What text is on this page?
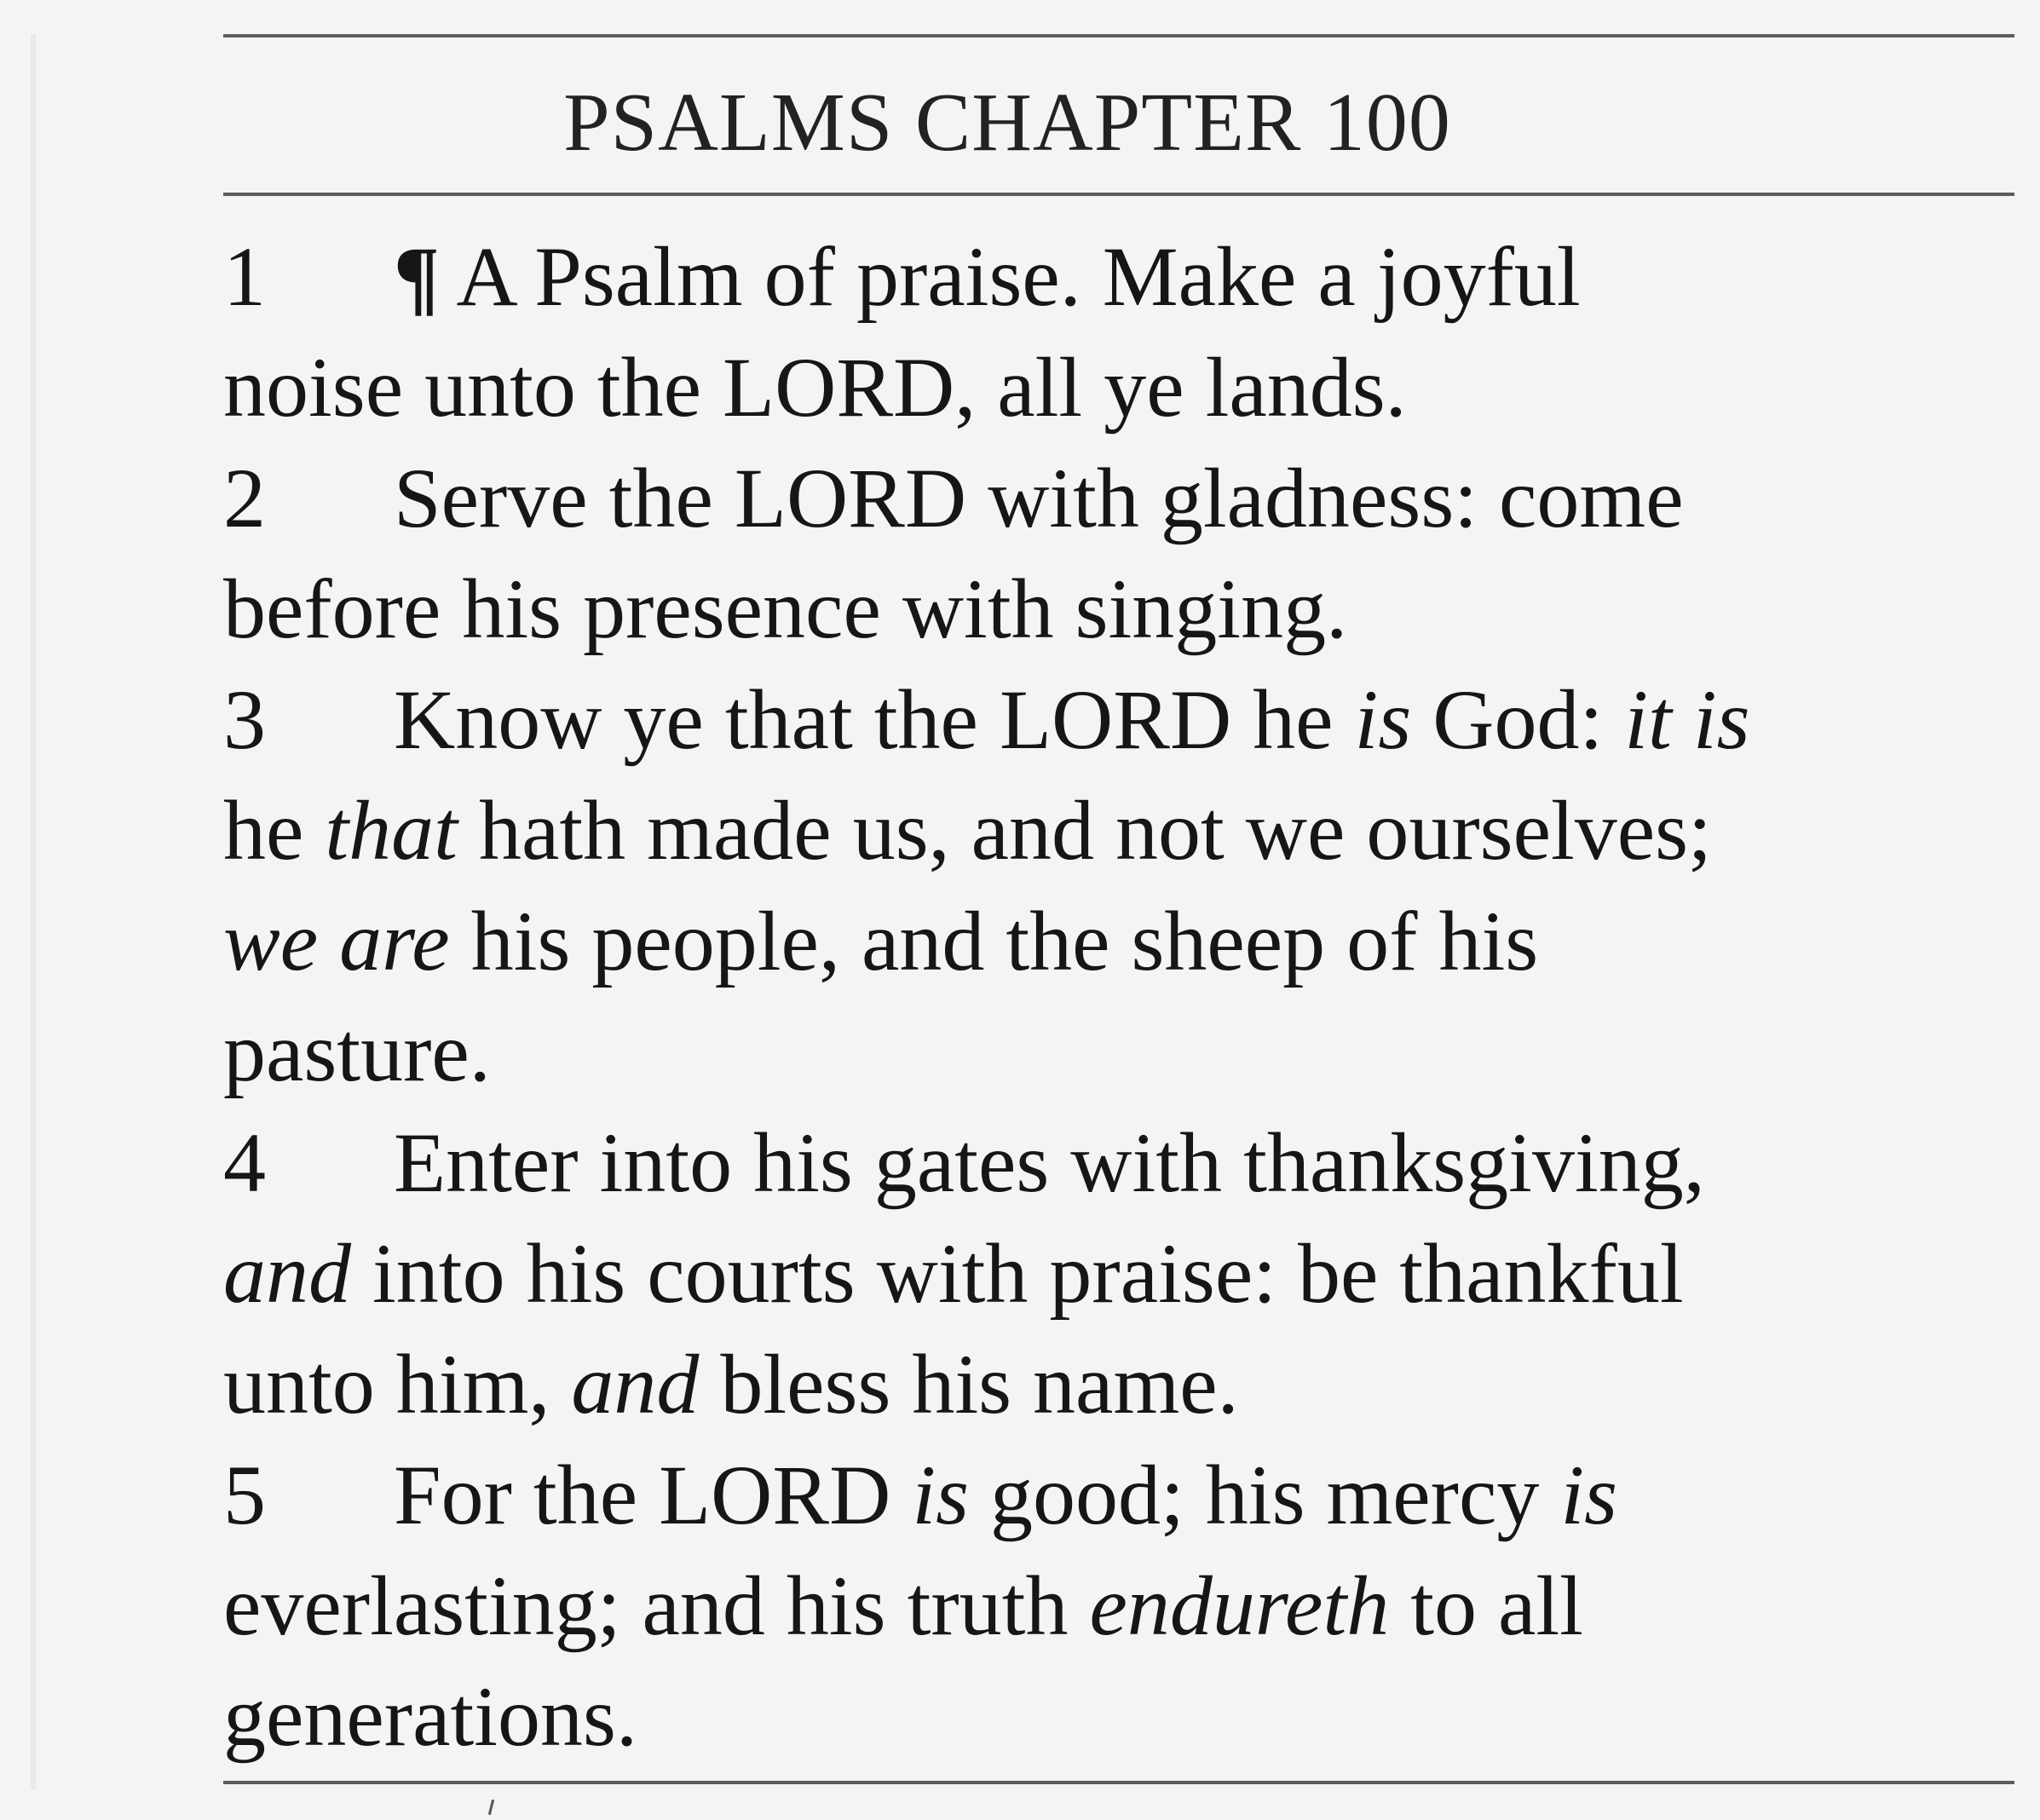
PSALMS CHAPTER 100
1 ¶ A Psalm of praise. Make a joyful
noise unto the LORD, all ye lands.
2 Serve the LORD with gladness: come
before his presence with singing.
3 Know ye that the LORD he is God: it is
he that hath made us, and not we ourselves;
we are his people, and the sheep of his
pasture.
4 Enter into his gates with thanksgiving,
and into his courts with praise: be thankful
unto him, and bless his name.
5 For the LORD is good; his mercy is
everlasting; and his truth endureth to all
generations.
